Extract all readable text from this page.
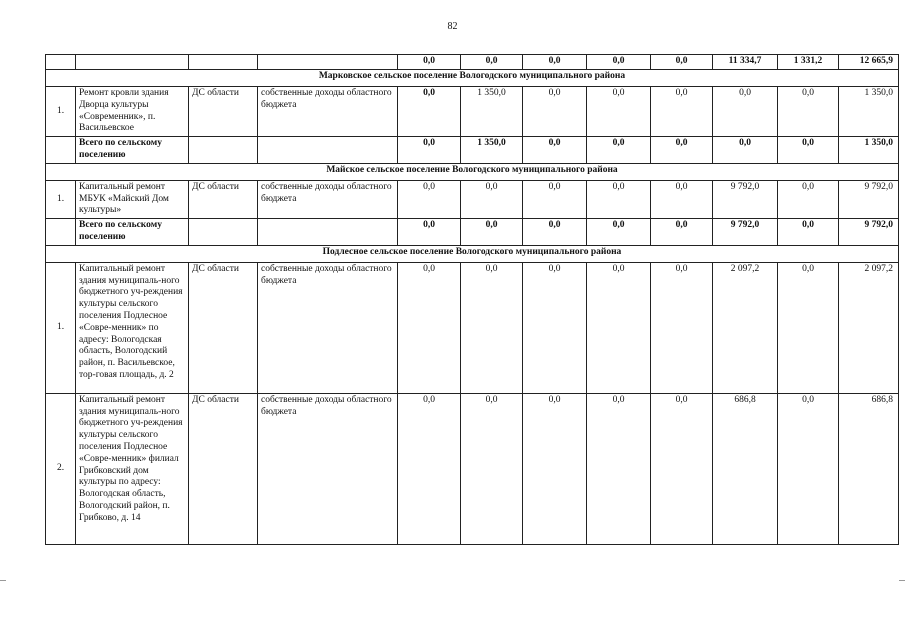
82
				0,0	0,0	0,0	0,0	0,0	11 334,7	1 331,2	12 665,9
Марковское сельское поселение Вологодского муниципального района											
1.	Ремонт кровли здания Дворца культуры «Современник», п. Васильевское	ДС области	собственные доходы областного бюджета	0,0	1 350,0	0,0	0,0	0,0	0,0	0,0	1 350,0
	Всего по сельскому поселению			0,0	1 350,0	0,0	0,0	0,0	0,0	0,0	1 350,0
Майское сельское поселение Вологодского муниципального района											
1.	Капитальный ремонт МБУК «Майский Дом культуры»	ДС области	собственные доходы областного бюджета	0,0	0,0	0,0	0,0	0,0	9 792,0	0,0	9 792,0
	Всего по сельскому поселению			0,0	0,0	0,0	0,0	0,0	9 792,0	0,0	9 792,0
Подлесное сельское поселение Вологодского муниципального района											
1.	Капитальный ремонт здания муниципаль-ного бюджетного уч-реждения культуры сельского поселения Подлесное «Совре-менник» по адресу: Вологодская область, Вологодский район, п. Васильевское, тор-говая площадь, д. 2	ДС области	собственные доходы областного бюджета	0,0	0,0	0,0	0,0	0,0	2 097,2	0,0	2 097,2
2.	Капитальный ремонт здания муниципаль-ного бюджетного уч-реждения культуры сельского поселения Подлесное «Совре-менник» филиал Грибковский дом культуры по адресу: Вологодская область, Вологодский район, п. Грибково, д. 14	ДС области	собственные доходы областного бюджета	0,0	0,0	0,0	0,0	0,0	686,8	0,0	686,8
